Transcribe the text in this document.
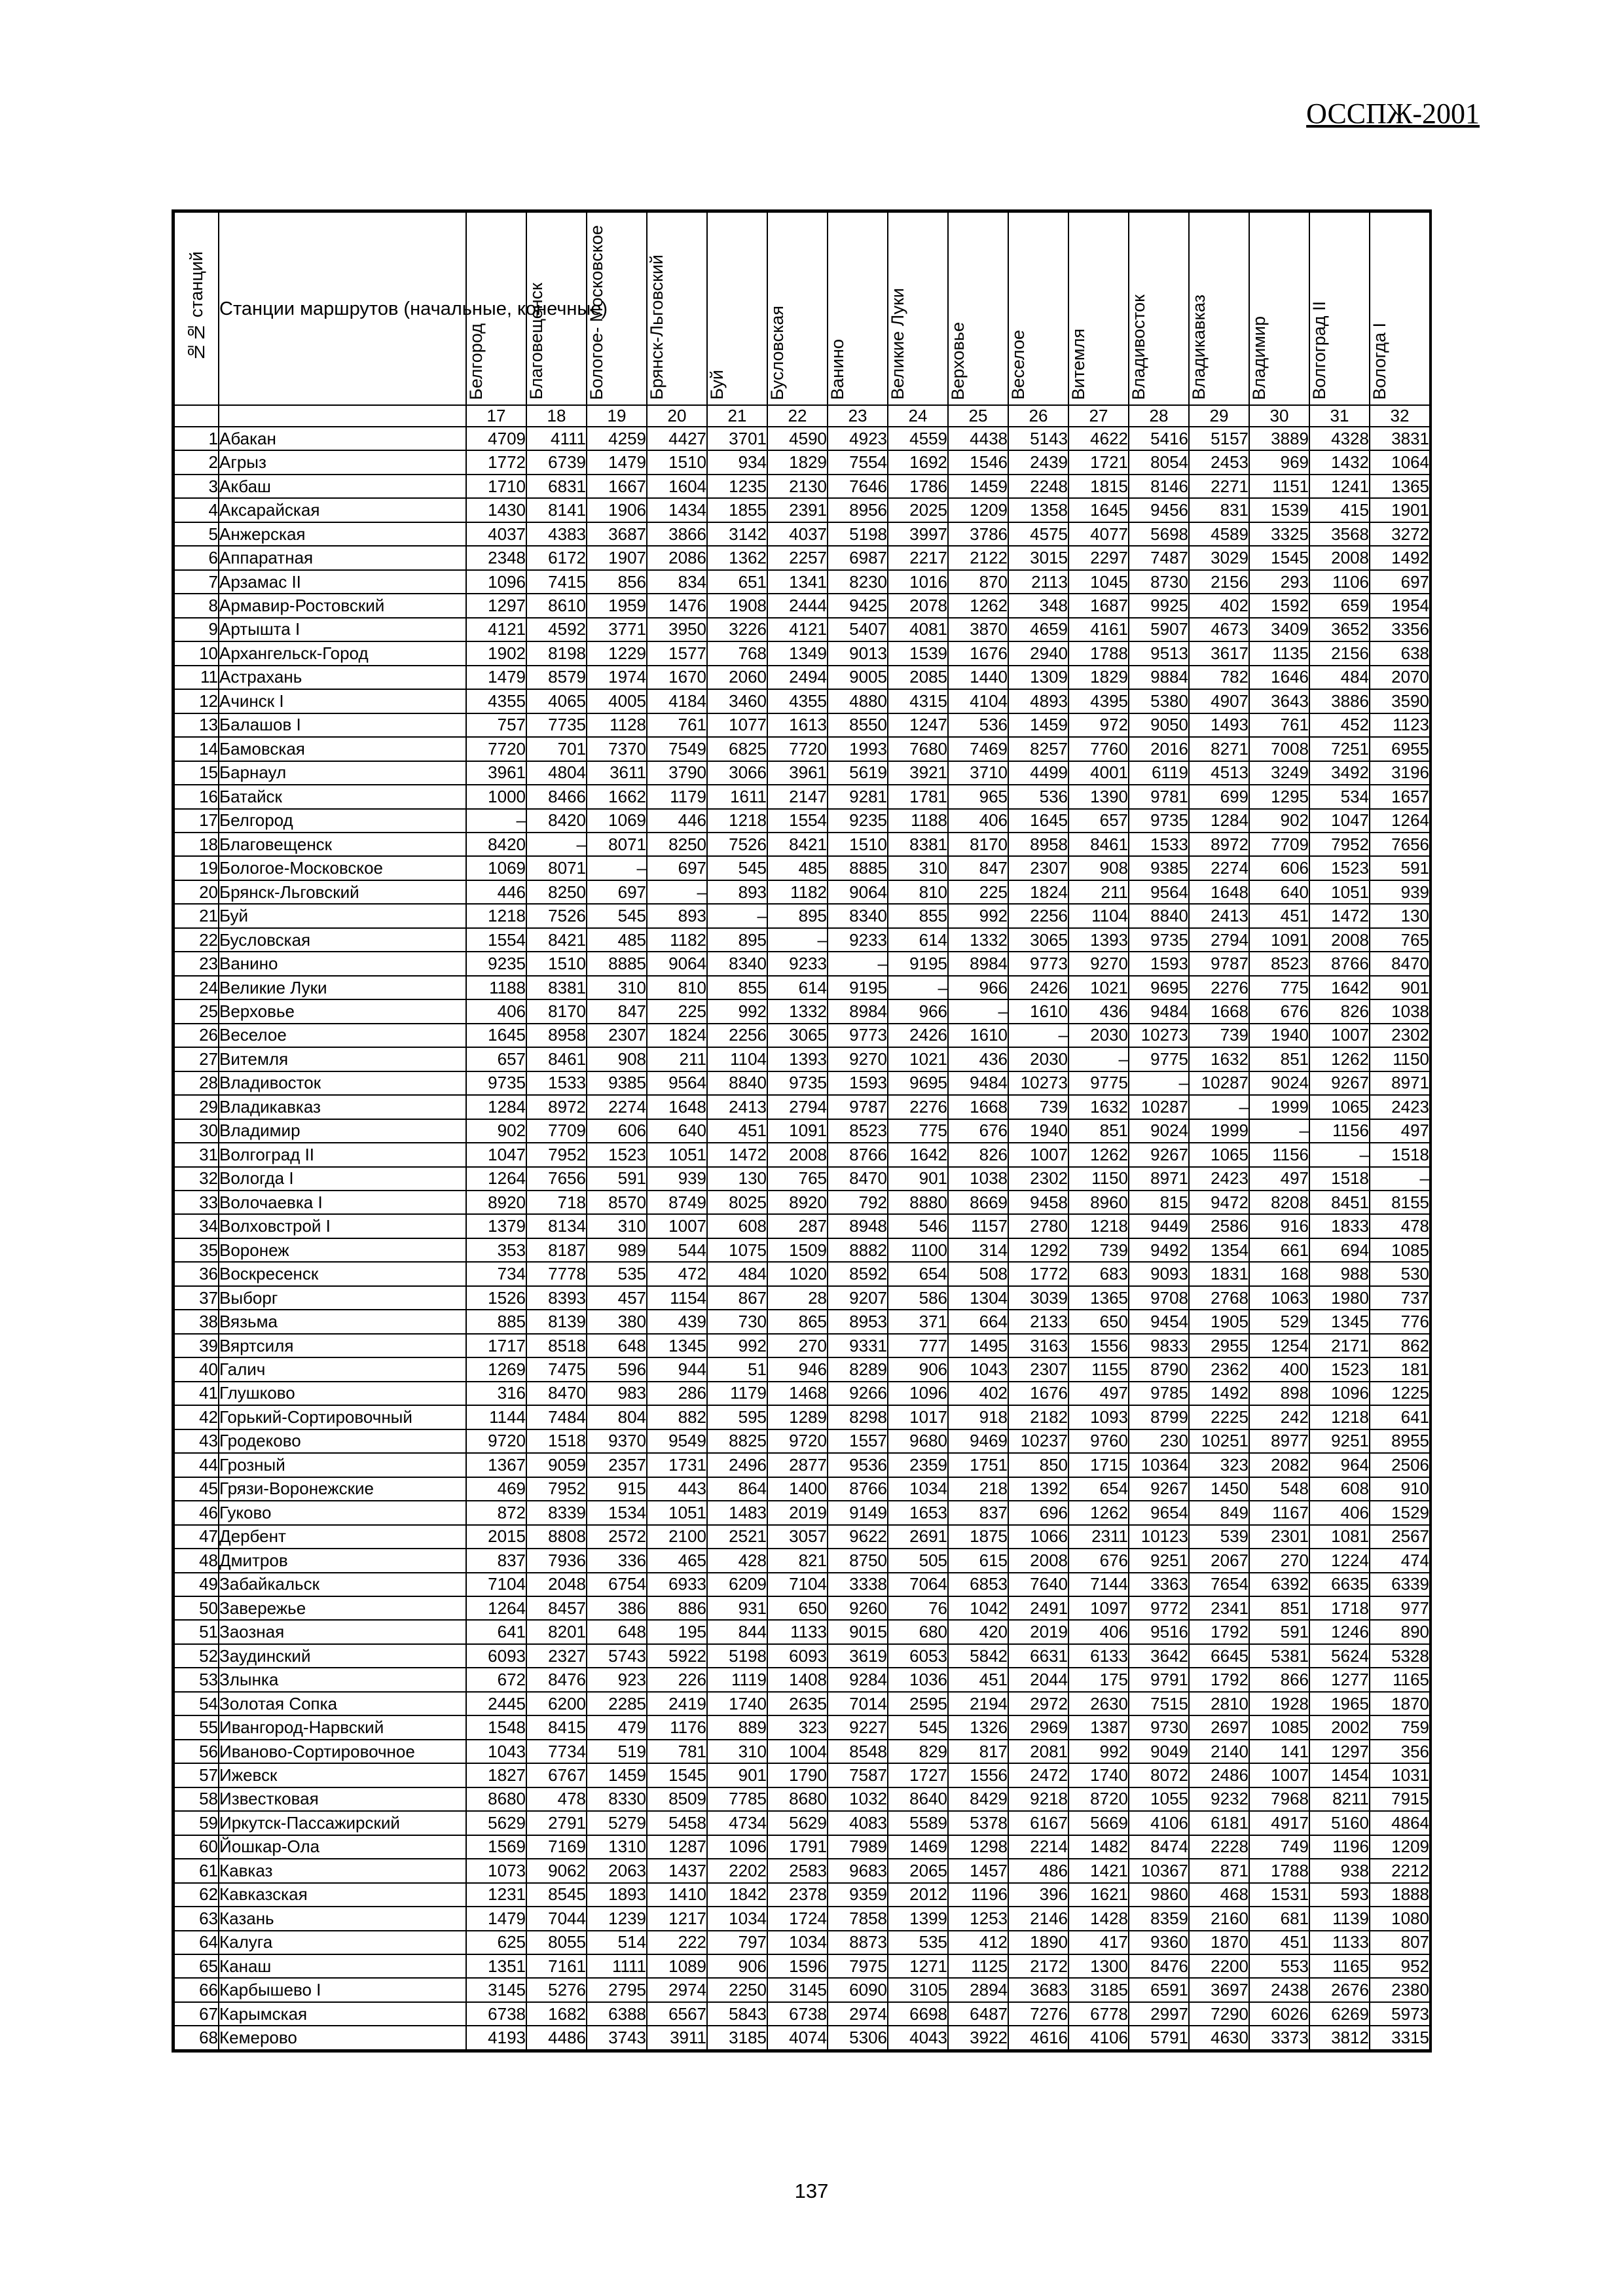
ОССПЖ-2001
№№ станций	Станции маршрутов (начальные, конечные)	Белгород	Благовещенск	Бологое- Московское	Брянск-Льговский	Буй	Бусловская	Ванино	Великие Луки	Верховье	Веселое	Витемля	Владивосток	Владикавказ	Владимир	Волгоград II	Вологда I
		17	18	19	20	21	22	23	24	25	26	27	28	29	30	31	32
1	Абакан	4709	4111	4259	4427	3701	4590	4923	4559	4438	5143	4622	5416	5157	3889	4328	3831
2	Агрыз	1772	6739	1479	1510	934	1829	7554	1692	1546	2439	1721	8054	2453	969	1432	1064
3	Акбаш	1710	6831	1667	1604	1235	2130	7646	1786	1459	2248	1815	8146	2271	1151	1241	1365
4	Аксарайская	1430	8141	1906	1434	1855	2391	8956	2025	1209	1358	1645	9456	831	1539	415	1901
5	Анжерская	4037	4383	3687	3866	3142	4037	5198	3997	3786	4575	4077	5698	4589	3325	3568	3272
6	Аппаратная	2348	6172	1907	2086	1362	2257	6987	2217	2122	3015	2297	7487	3029	1545	2008	1492
7	Арзамас II	1096	7415	856	834	651	1341	8230	1016	870	2113	1045	8730	2156	293	1106	697
8	Армавир-Ростовский	1297	8610	1959	1476	1908	2444	9425	2078	1262	348	1687	9925	402	1592	659	1954
9	Артышта I	4121	4592	3771	3950	3226	4121	5407	4081	3870	4659	4161	5907	4673	3409	3652	3356
10	Архангельск-Город	1902	8198	1229	1577	768	1349	9013	1539	1676	2940	1788	9513	3617	1135	2156	638
11	Астрахань	1479	8579	1974	1670	2060	2494	9005	2085	1440	1309	1829	9884	782	1646	484	2070
12	Ачинск I	4355	4065	4005	4184	3460	4355	4880	4315	4104	4893	4395	5380	4907	3643	3886	3590
13	Балашов I	757	7735	1128	761	1077	1613	8550	1247	536	1459	972	9050	1493	761	452	1123
14	Бамовская	7720	701	7370	7549	6825	7720	1993	7680	7469	8257	7760	2016	8271	7008	7251	6955
15	Барнаул	3961	4804	3611	3790	3066	3961	5619	3921	3710	4499	4001	6119	4513	3249	3492	3196
16	Батайск	1000	8466	1662	1179	1611	2147	9281	1781	965	536	1390	9781	699	1295	534	1657
17	Белгород	–	8420	1069	446	1218	1554	9235	1188	406	1645	657	9735	1284	902	1047	1264
18	Благовещенск	8420	–	8071	8250	7526	8421	1510	8381	8170	8958	8461	1533	8972	7709	7952	7656
19	Бологое-Московское	1069	8071	–	697	545	485	8885	310	847	2307	908	9385	2274	606	1523	591
20	Брянск-Льговский	446	8250	697	–	893	1182	9064	810	225	1824	211	9564	1648	640	1051	939
21	Буй	1218	7526	545	893	–	895	8340	855	992	2256	1104	8840	2413	451	1472	130
22	Бусловская	1554	8421	485	1182	895	–	9233	614	1332	3065	1393	9735	2794	1091	2008	765
23	Ванино	9235	1510	8885	9064	8340	9233	–	9195	8984	9773	9270	1593	9787	8523	8766	8470
24	Великие Луки	1188	8381	310	810	855	614	9195	–	966	2426	1021	9695	2276	775	1642	901
25	Верховье	406	8170	847	225	992	1332	8984	966	–	1610	436	9484	1668	676	826	1038
26	Веселое	1645	8958	2307	1824	2256	3065	9773	2426	1610	–	2030	10273	739	1940	1007	2302
27	Витемля	657	8461	908	211	1104	1393	9270	1021	436	2030	–	9775	1632	851	1262	1150
28	Владивосток	9735	1533	9385	9564	8840	9735	1593	9695	9484	10273	9775	–	10287	9024	9267	8971
29	Владикавказ	1284	8972	2274	1648	2413	2794	9787	2276	1668	739	1632	10287	–	1999	1065	2423
30	Владимир	902	7709	606	640	451	1091	8523	775	676	1940	851	9024	1999	–	1156	497
31	Волгоград II	1047	7952	1523	1051	1472	2008	8766	1642	826	1007	1262	9267	1065	1156	–	1518
32	Вологда I	1264	7656	591	939	130	765	8470	901	1038	2302	1150	8971	2423	497	1518	–
33	Волочаевка I	8920	718	8570	8749	8025	8920	792	8880	8669	9458	8960	815	9472	8208	8451	8155
34	Волховстрой I	1379	8134	310	1007	608	287	8948	546	1157	2780	1218	9449	2586	916	1833	478
35	Воронеж	353	8187	989	544	1075	1509	8882	1100	314	1292	739	9492	1354	661	694	1085
36	Воскресенск	734	7778	535	472	484	1020	8592	654	508	1772	683	9093	1831	168	988	530
37	Выборг	1526	8393	457	1154	867	28	9207	586	1304	3039	1365	9708	2768	1063	1980	737
38	Вязьма	885	8139	380	439	730	865	8953	371	664	2133	650	9454	1905	529	1345	776
39	Вяртсиля	1717	8518	648	1345	992	270	9331	777	1495	3163	1556	9833	2955	1254	2171	862
40	Галич	1269	7475	596	944	51	946	8289	906	1043	2307	1155	8790	2362	400	1523	181
41	Глушково	316	8470	983	286	1179	1468	9266	1096	402	1676	497	9785	1492	898	1096	1225
42	Горький-Сортировочный	1144	7484	804	882	595	1289	8298	1017	918	2182	1093	8799	2225	242	1218	641
43	Гродеково	9720	1518	9370	9549	8825	9720	1557	9680	9469	10237	9760	230	10251	8977	9251	8955
44	Грозный	1367	9059	2357	1731	2496	2877	9536	2359	1751	850	1715	10364	323	2082	964	2506
45	Грязи-Воронежские	469	7952	915	443	864	1400	8766	1034	218	1392	654	9267	1450	548	608	910
46	Гуково	872	8339	1534	1051	1483	2019	9149	1653	837	696	1262	9654	849	1167	406	1529
47	Дербент	2015	8808	2572	2100	2521	3057	9622	2691	1875	1066	2311	10123	539	2301	1081	2567
48	Дмитров	837	7936	336	465	428	821	8750	505	615	2008	676	9251	2067	270	1224	474
49	Забайкальск	7104	2048	6754	6933	6209	7104	3338	7064	6853	7640	7144	3363	7654	6392	6635	6339
50	Завережье	1264	8457	386	886	931	650	9260	76	1042	2491	1097	9772	2341	851	1718	977
51	Заозная	641	8201	648	195	844	1133	9015	680	420	2019	406	9516	1792	591	1246	890
52	Заудинский	6093	2327	5743	5922	5198	6093	3619	6053	5842	6631	6133	3642	6645	5381	5624	5328
53	Злынка	672	8476	923	226	1119	1408	9284	1036	451	2044	175	9791	1792	866	1277	1165
54	Золотая Сопка	2445	6200	2285	2419	1740	2635	7014	2595	2194	2972	2630	7515	2810	1928	1965	1870
55	Ивангород-Нарвский	1548	8415	479	1176	889	323	9227	545	1326	2969	1387	9730	2697	1085	2002	759
56	Иваново-Сортировочное	1043	7734	519	781	310	1004	8548	829	817	2081	992	9049	2140	141	1297	356
57	Ижевск	1827	6767	1459	1545	901	1790	7587	1727	1556	2472	1740	8072	2486	1007	1454	1031
58	Известковая	8680	478	8330	8509	7785	8680	1032	8640	8429	9218	8720	1055	9232	7968	8211	7915
59	Иркутск-Пассажирский	5629	2791	5279	5458	4734	5629	4083	5589	5378	6167	5669	4106	6181	4917	5160	4864
60	Йошкар-Ола	1569	7169	1310	1287	1096	1791	7989	1469	1298	2214	1482	8474	2228	749	1196	1209
61	Кавказ	1073	9062	2063	1437	2202	2583	9683	2065	1457	486	1421	10367	871	1788	938	2212
62	Кавказская	1231	8545	1893	1410	1842	2378	9359	2012	1196	396	1621	9860	468	1531	593	1888
63	Казань	1479	7044	1239	1217	1034	1724	7858	1399	1253	2146	1428	8359	2160	681	1139	1080
64	Калуга	625	8055	514	222	797	1034	8873	535	412	1890	417	9360	1870	451	1133	807
65	Канаш	1351	7161	1111	1089	906	1596	7975	1271	1125	2172	1300	8476	2200	553	1165	952
66	Карбышево I	3145	5276	2795	2974	2250	3145	6090	3105	2894	3683	3185	6591	3697	2438	2676	2380
67	Карымская	6738	1682	6388	6567	5843	6738	2974	6698	6487	7276	6778	2997	7290	6026	6269	5973
68	Кемерово	4193	4486	3743	3911	3185	4074	5306	4043	3922	4616	4106	5791	4630	3373	3812	3315
137
